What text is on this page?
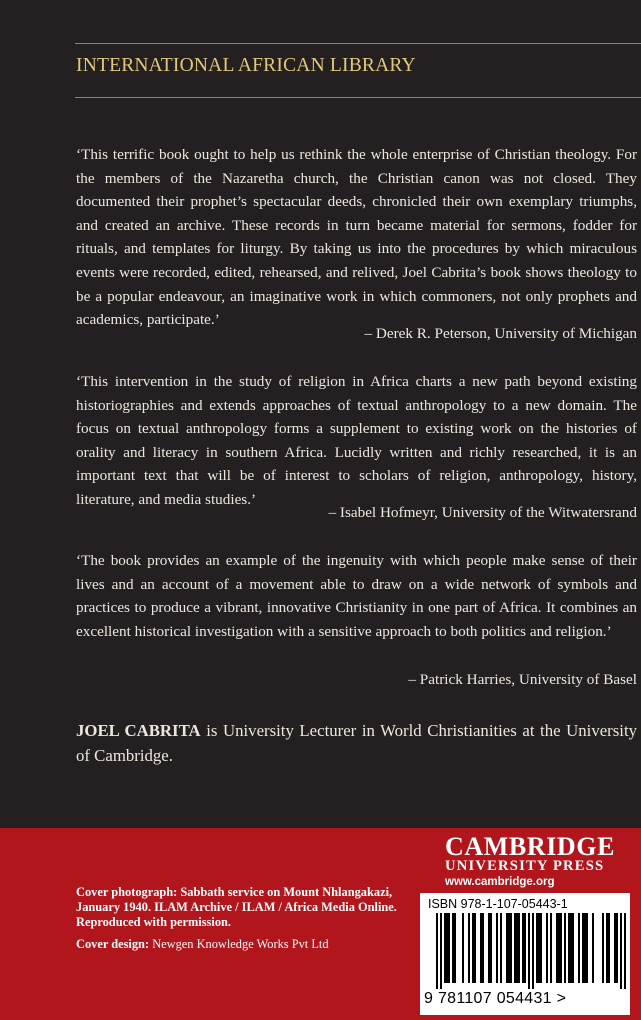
INTERNATIONAL AFRICAN LIBRARY

‘This terrific book ought to help us rethink the whole enterprise of Christian theology. For the members of the Nazaretha church, the Christian canon was not closed. They documented their prophet’s spectacular deeds, chronicled their own exemplary triumphs, and created an archive. These records in turn became material for sermons, fodder for rituals, and templates for liturgy. By taking us into the procedures by which miraculous events were recorded, edited, rehearsed, and relived, Joel Cabrita’s book shows theology to be a popular endeavour, an imaginative work in which commoners, not only prophets and academics, participate.’

– Derek R. Peterson, University of Michigan

‘This intervention in the study of religion in Africa charts a new path beyond existing historiographies and extends approaches of textual anthropology to a new domain. The focus on textual anthropology forms a supplement to existing work on the histories of orality and literacy in southern Africa. Lucidly written and richly researched, it is an important text that will be of interest to scholars of religion, anthropology, history, literature, and media studies.’

– Isabel Hofmeyr, University of the Witwatersrand

‘The book provides an example of the ingenuity with which people make sense of their lives and an account of a movement able to draw on a wide network of symbols and practices to produce a vibrant, innovative Christianity in one part of Africa. It combines an excellent historical investigation with a sensitive approach to both politics and religion.’

– Patrick Harries, University of Basel
JOEL CABRITA is University Lecturer in World Christianities at the University of Cambridge.
CAMBRIDGE
UNIVERSITY PRESS
www.cambridge.org
Cover photograph: Sabbath service on Mount Nhlangakazi, January 1940. ILAM Archive / ILAM / Africa Media Online. Reproduced with permission.
Cover design: Newgen Knowledge Works Pvt Ltd
ISBN 978-1-107-05443-1
9 781107 054431 >
